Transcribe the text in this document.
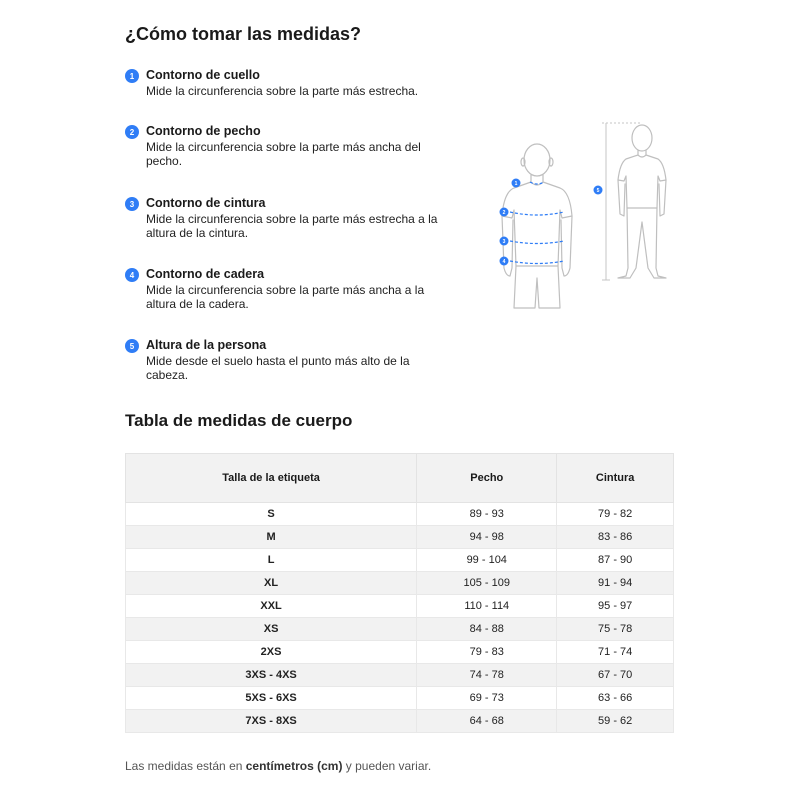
¿Cómo tomar las medidas?
1 Contorno de cuello
Mide la circunferencia sobre la parte más estrecha.
2 Contorno de pecho
Mide la circunferencia sobre la parte más ancha del pecho.
3 Contorno de cintura
Mide la circunferencia sobre la parte más estrecha a la altura de la cintura.
4 Contorno de cadera
Mide la circunferencia sobre la parte más ancha a la altura de la cadera.
5 Altura de la persona
Mide desde el suelo hasta el punto más alto de la cabeza.
1
2
3
4
5
Tabla de medidas de cuerpo
Talla de la etiqueta	Pecho	Cintura
S	89 - 93	79 - 82
M	94 - 98	83 - 86
L	99 - 104	87 - 90
XL	105 - 109	91 - 94
XXL	110 - 114	95 - 97
XS	84 - 88	75 - 78
2XS	79 - 83	71 - 74
3XS - 4XS	74 - 78	67 - 70
5XS - 6XS	69 - 73	63 - 66
7XS - 8XS	64 - 68	59 - 62
Las medidas están en centímetros (cm) y pueden variar.
